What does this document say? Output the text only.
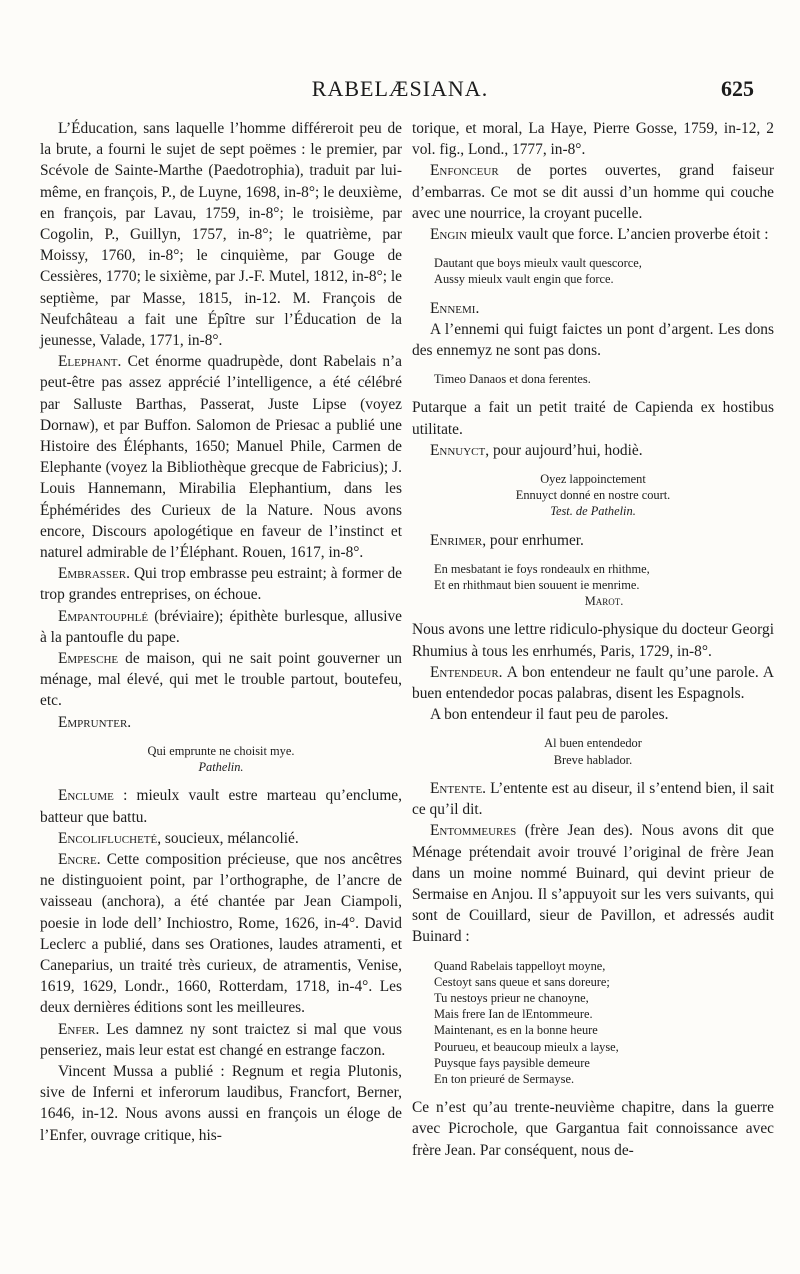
RABELÆSIANA.	625

L’Éducation, sans laquelle l’homme différeroit peu de la brute, a fourni le sujet de sept poëmes : le premier, par Scévole de Sainte-Marthe (Paedotrophia), traduit par lui-même, en françois, P., de Luyne, 1698, in-8°; le deuxième, en françois, par Lavau, 1759, in-8°; le troisième, par Cogolin, P., Guillyn, 1757, in-8°; le quatrième, par Moissy, 1760, in-8°; le cinquième, par Gouge de Cessières, 1770; le sixième, par J.-F. Mutel, 1812, in-8°; le septième, par Masse, 1815, in-12. M. François de Neufchâteau a fait une Épître sur l’Éducation de la jeunesse, Valade, 1771, in-8°.

Elephant. Cet énorme quadrupède, dont Rabelais n’a peut-être pas assez apprécié l’intelligence, a été célébré par Salluste Barthas, Passerat, Juste Lipse (voyez Dornaw), et par Buffon. Salomon de Priesac a publié une Histoire des Éléphants, 1650; Manuel Phile, Carmen de Elephante (voyez la Bibliothèque grecque de Fabricius); J. Louis Hannemann, Mirabilia Elephantium, dans les Éphémérides des Curieux de la Nature. Nous avons encore, Discours apologétique en faveur de l’instinct et naturel admirable de l’Éléphant. Rouen, 1617, in-8°.

Embrasser. Qui trop embrasse peu estraint; à former de trop grandes entreprises, on échoue.

Empantouphlé (bréviaire); épithète burlesque, allusive à la pantoufle du pape.

Empesche de maison, qui ne sait point gouverner un ménage, mal élevé, qui met le trouble partout, boutefeu, etc.

Emprunter.

Qui emprunte ne choisit mye.
Pathelin.

Enclume : mieulx vault estre marteau qu’enclume, batteur que battu.

Encoliflucheté, soucieux, mélancolié.

Encre. Cette composition précieuse, que nos ancêtres ne distinguoient point, par l’orthographe, de l’ancre de vaisseau (anchora), a été chantée par Jean Ciampoli, poesie in lode dell’ Inchiostro, Rome, 1626, in-4°. David Leclerc a publié, dans ses Orationes, laudes atramenti, et Caneparius, un traité très curieux, de atramentis, Venise, 1619, 1629, Londr., 1660, Rotterdam, 1718, in-4°. Les deux dernières éditions sont les meilleures.

Enfer. Les damnez ny sont traictez si mal que vous penseriez, mais leur estat est changé en estrange faczon.

Vincent Mussa a publié : Regnum et regia Plutonis, sive de Inferni et inferorum laudibus, Francfort, Berner, 1646, in-12. Nous avons aussi en françois un éloge de l’Enfer, ouvrage critique, his-

torique, et moral, La Haye, Pierre Gosse, 1759, in-12, 2 vol. fig., Lond., 1777, in-8°.

Enfonceur de portes ouvertes, grand faiseur d’embarras. Ce mot se dit aussi d’un homme qui couche avec une nourrice, la croyant pucelle.

Engin mieulx vault que force. L’ancien proverbe étoit :

Dautant que boys mieulx vault quescorce,
Aussy mieulx vault engin que force.

Ennemi.

A l’ennemi qui fuigt faictes un pont d’argent. Les dons des ennemyz ne sont pas dons.

Timeo Danaos et dona ferentes.

Putarque a fait un petit traité de Capienda ex hostibus utilitate.

Ennuyct, pour aujourd’hui, hodiè.

Oyez lappoinctement
Ennuyct donné en nostre court.
Test. de Pathelin.

Enrimer, pour enrhumer.

En mesbatant ie foys rondeaulx en rhithme,
Et en rhithmaut bien souuent ie menrime.
Marot.

Nous avons une lettre ridiculo-physique du docteur Georgi Rhumius à tous les enrhumés, Paris, 1729, in-8°.

Entendeur. A bon entendeur ne fault qu’une parole. A buen entendedor pocas palabras, disent les Espagnols.

A bon entendeur il faut peu de paroles.

Al buen entendedor
Breve hablador.

Entente. L’entente est au diseur, il s’entend bien, il sait ce qu’il dit.

Entommeures (frère Jean des). Nous avons dit que Ménage prétendait avoir trouvé l’original de frère Jean dans un moine nommé Buinard, qui devint prieur de Sermaise en Anjou. Il s’appuyoit sur les vers suivants, qui sont de Couillard, sieur de Pavillon, et adressés audit Buinard :

Quand Rabelais tappelloyt moyne,
Cestoyt sans queue et sans doreure;
Tu nestoys prieur ne chanoyne,
Mais frere Ian de lEntommeure.
Maintenant, es en la bonne heure
Pourueu, et beaucoup mieulx a layse,
Puysque fays paysible demeure
En ton prieuré de Sermayse.

Ce n’est qu’au trente-neuvième chapitre, dans la guerre avec Picrochole, que Gargantua fait connoissance avec frère Jean. Par conséquent, nous de-
